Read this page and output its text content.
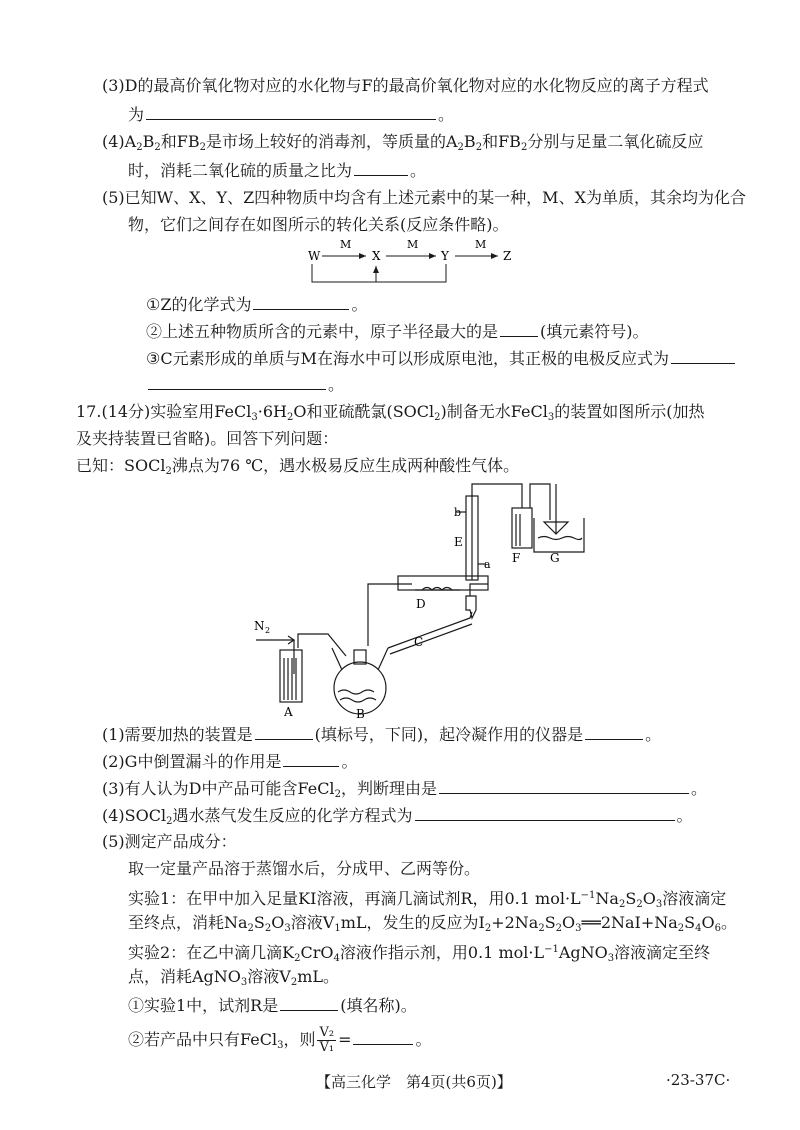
(3)D的最高价氧化物对应的水化物与F的最高价氧化物对应的水化物反应的离子方程式
为	。
$(4)A_2B_2$和$FB_2$是市场上较好的消毒剂，等质量的$A_2B_2$和$FB_2$分别与足量二氧化硫反应
时，消耗二氧化硫的质量之比为	。
(5)已知W、X、Y、Z四种物质中均含有上述元素中的某一种，M、X为单质，其余均为化合
物，它们之间存在如图所示的转化关系(反应条件略)。
W	X	Y	Z
M	M	M
①Z的化学式为	。
②上述五种物质所含的元素中，原子半径最大的是	(填元素符号)。
③C元素形成的单质与M在海水中可以形成原电池，其正极的电极反应式为
。
17.(14分)实验室用$FeCl_3\cdot 6H_2O$和亚硫酰氯(SOCl$_2$)制备无水FeCl$_3$的装置如图所示(加热
及夹持装置已省略)。回答下列问题：
已知：SOCl$_2$沸点为76 ℃，遇水极易反应生成两种酸性气体。
N 2
A	B
C
D
E
F G
a
b
(1)需要加热的装置是	(填标号，下同)，起冷凝作用的仪器是	。
(2)G中倒置漏斗的作用是	。
(3)有人认为D中产品可能含FeCl$_2$，判断理由是	。
(4)SOCl$_2$遇水蒸气发生反应的化学方程式为	。
(5)测定产品成分：
取一定量产品溶于蒸馏水后，分成甲、乙两等份。
实验1：在甲中加入足量KI溶液，再滴几滴试剂R，用0.1 $mol\cdot L^{-1}Na_2S_2O_3$溶液滴定
至终点，消耗$Na_2S_2O_3$溶液$V_1mL$，发生的反应为$I_2+2Na_2S_2O_3══2NaI+Na_2S_4O_6$。
实验2：在乙中滴几滴$K_2CrO_4$溶液作指示剂，用0.1 $mol\cdot L^{-1}AgNO_3$溶液滴定至终
点，消耗AgNO$_3$溶液$V_2mL$。
①实验1中，试剂R是	(填名称)。
②若产品中只有FeCl$_3$，则 $\frac{\text{V₂}}{\text{V₁}}$ =	。
【高三化学　第4页(共6页)】	·23-37C·
